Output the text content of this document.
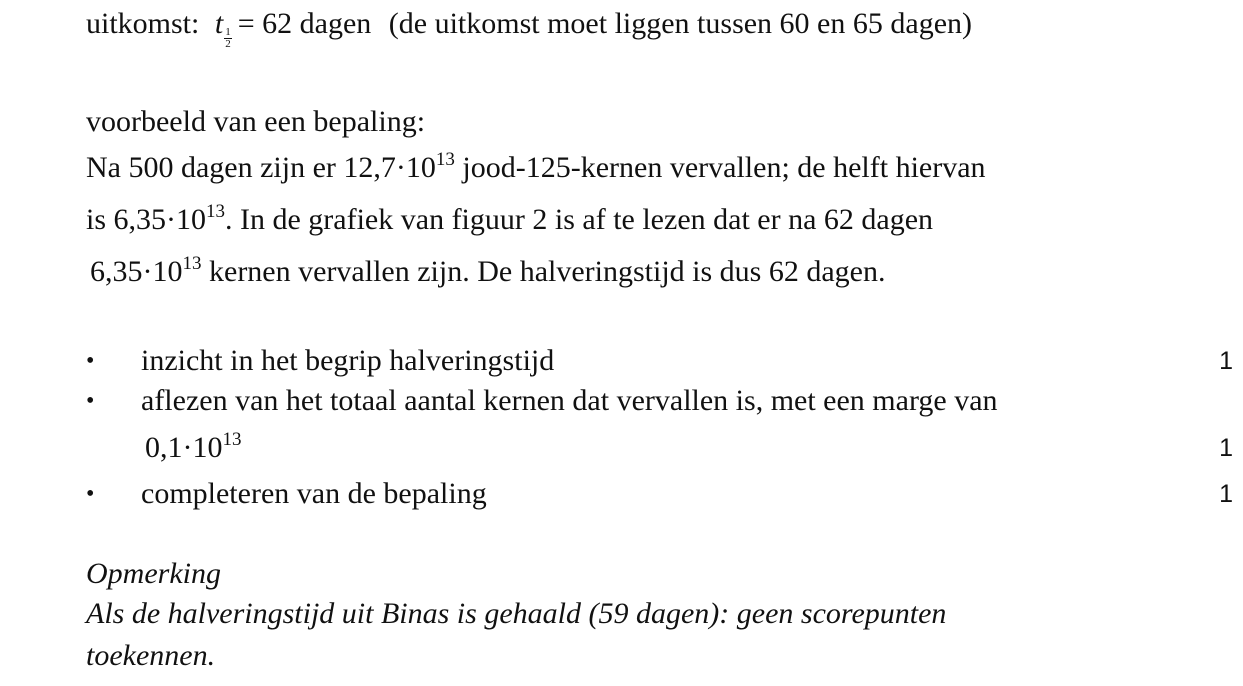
uitkomst: t $\frac{1}{2} = 62$ dagen (de uitkomst moet liggen tussen 60 en 65 dagen)
voorbeeld van een bepaling:
Na 500 dagen zijn er $12,7\cdot 10^{13}$ jood-125-kernen vervallen; de helft hiervan
is $6,35\cdot 10^{13}$. In de grafiek van figuur 2 is af te lezen dat er na 62 dagen
$6,35\cdot 10^{13}$ kernen vervallen zijn. De halveringstijd is dus 62 dagen.
• inzicht in het begrip halveringstijd	1
• aflezen van het totaal aantal kernen dat vervallen is, met een marge van
$0,1\cdot 10^{13}$	1
• completeren van de bepaling	1
Opmerking
Als de halveringstijd uit Binas is gehaald (59 dagen): geen scorepunten
toekennen.
